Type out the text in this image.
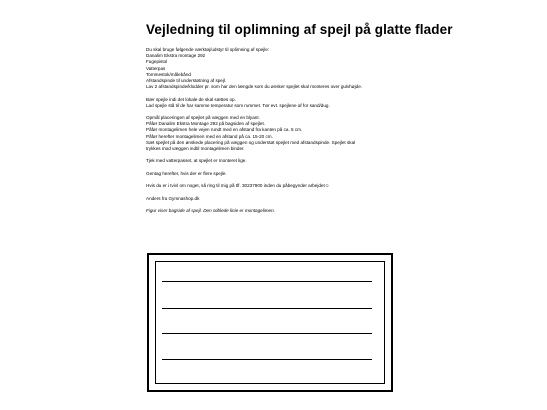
Vejledning til oplimning af spejl på glatte flader
Du skal bruge følgende værktøj/udstyr til oplimning af spejle:
Danalim Ekstra montage 292
Fugepistol
Vatterpas
Tommestok/målebånd
Afstandspinde til understøtning af spejl.
Lav 2 afstandspinde/klodder pr. som har den længde som du ønsker spejlet skal monteres over gulvhøjde.
Bær spejle indi det lokale de skal sættes op.
Lad spejle stå til de har samme temperatur som rummet. Tør evt. spejlene af for sand/dug.
Opmål placeringen af spejlet på væggen med en blyant.
Påfør Danalim Ekstra Montage 292 på bagsiden af spejlet.
Påfør montagelimen hele vejen rundt med en afstand fra kanten på ca. 5 cm.
Påfør herefter montagelimen med en afstand på ca. 15-20 cm.
Sæt spejlet på den ønskede placering på væggen og understøt spejlet med afstandspinde. Spejlet skal
trykkes mod væggen indtil montagelimen binder.
Tjek med vatterpasset, at spejlet er monteret lige.
Gentag herefter, hvis der er flere spejle.
Hvis du er i tvivl om noget, så ring til mig på tlf. 30237900 inden du påbegynder arbejdet☺
Anders fra Gymnashop.dk
Figur viser bagside af spejl. Den stiblede linie er montagelimen.
